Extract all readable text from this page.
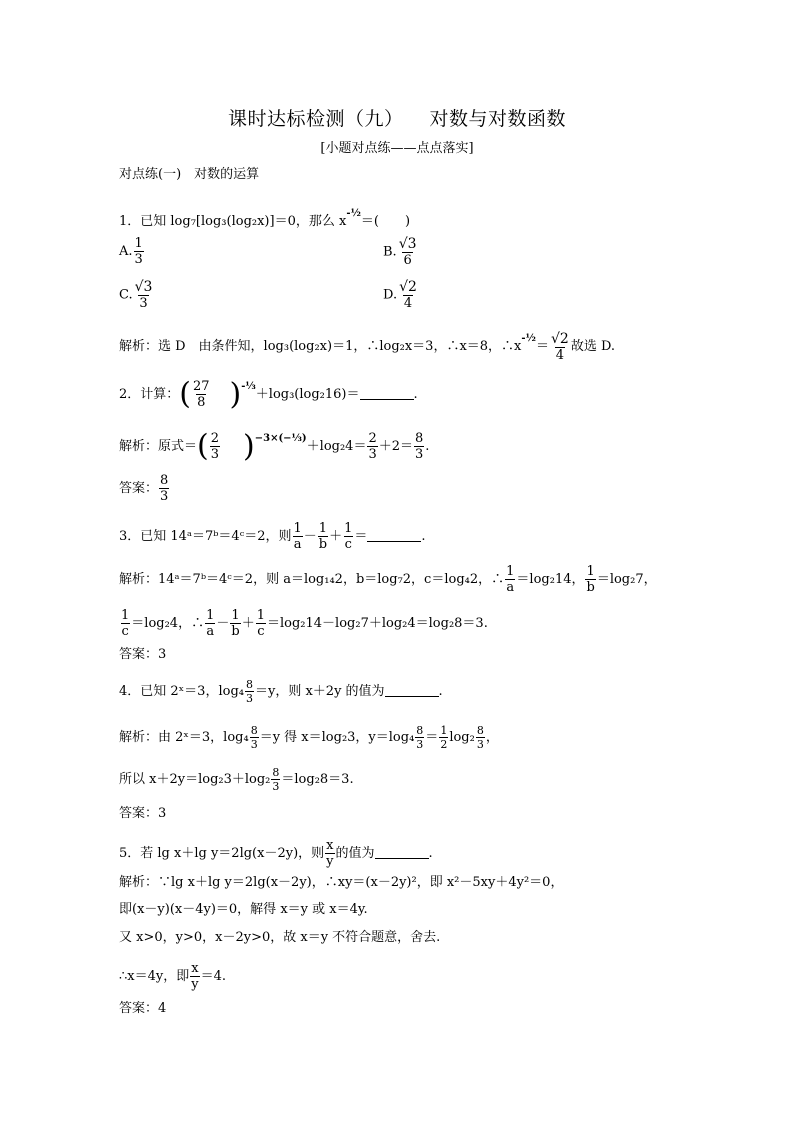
课时达标检测（九） 对数与对数函数
[小题对点练——点点落实]
对点练(一)　对数的运算
1．已知 log₇[log₃(log₂x)]＝0，那么 $x^{-\frac{1}{2}}=$(　　)
A. $\frac{1}{3}$	B. $\frac{√3}{6}$
C. $\frac{√3}{3}$	D. $\frac{√2}{4}$
解析：选 D　由条件知，log₃(log₂x)＝1，∴log₂x＝3，∴x＝8，$\therefore x^{-\frac{1}{2}}= \frac{√2}{4}$ 故选 D.
2．计算：( $\frac{27}{8} )^{-\frac{1}{3}}+\log_3(\log_216)=$	.
解析：原式＝( $\frac{2}{3} )^{-3\times(-\frac{1}{3})}+\log_24= \frac{2}{3} +2= \frac{8}{3}$ .
答案： $\frac{8}{3}$
3．已知 14ᵃ＝7ᵇ＝4ᶜ＝2，则 $\frac{1}{a} - \frac{1}{b} + \frac{1}{c}$ ＝	.
解析：14ᵃ＝7ᵇ＝4ᶜ＝2，则 a＝log₁₄2，b＝log₇2，c＝log₄2，∴ $\frac{1}{a} =\log_214$， $\frac{1}{b} =\log_27$，
$\frac{1}{c} =\log_24$，∴ $\frac{1}{a} - \frac{1}{b} + \frac{1}{c} =\log_214-\log_27+\log_24=\log_28=3$.
答案：3
4．已知 2ˣ＝3，$\log_4 \frac{8}{3} =y$，则 x＋2y 的值为	.
解析：由 2ˣ＝3，$\log_4 \frac{8}{3} =y$ 得 x＝log₂3，$y=\log_4 \frac{8}{3} = \frac{1}{2} \log_2 \frac{8}{3}$ ，
所以 $x+2y=\log_23+\log_2 \frac{8}{3} =\log_28=3$.
答案：3
5．若 lg x＋lg y＝2lg(x－2y)，则 $\frac{x}{y}$ 的值为	.
解析：∵lg x＋lg y＝2lg(x－2y)，∴xy＝(x－2y)²，即 x²－5xy＋4y²＝0，
即(x－y)(x－4y)＝0，解得 x＝y 或 x＝4y.
又 x>0，y>0，x－2y>0，故 x＝y 不符合题意，舍去.
∴x＝4y，即 $\frac{x}{y} =4$.
答案：4
